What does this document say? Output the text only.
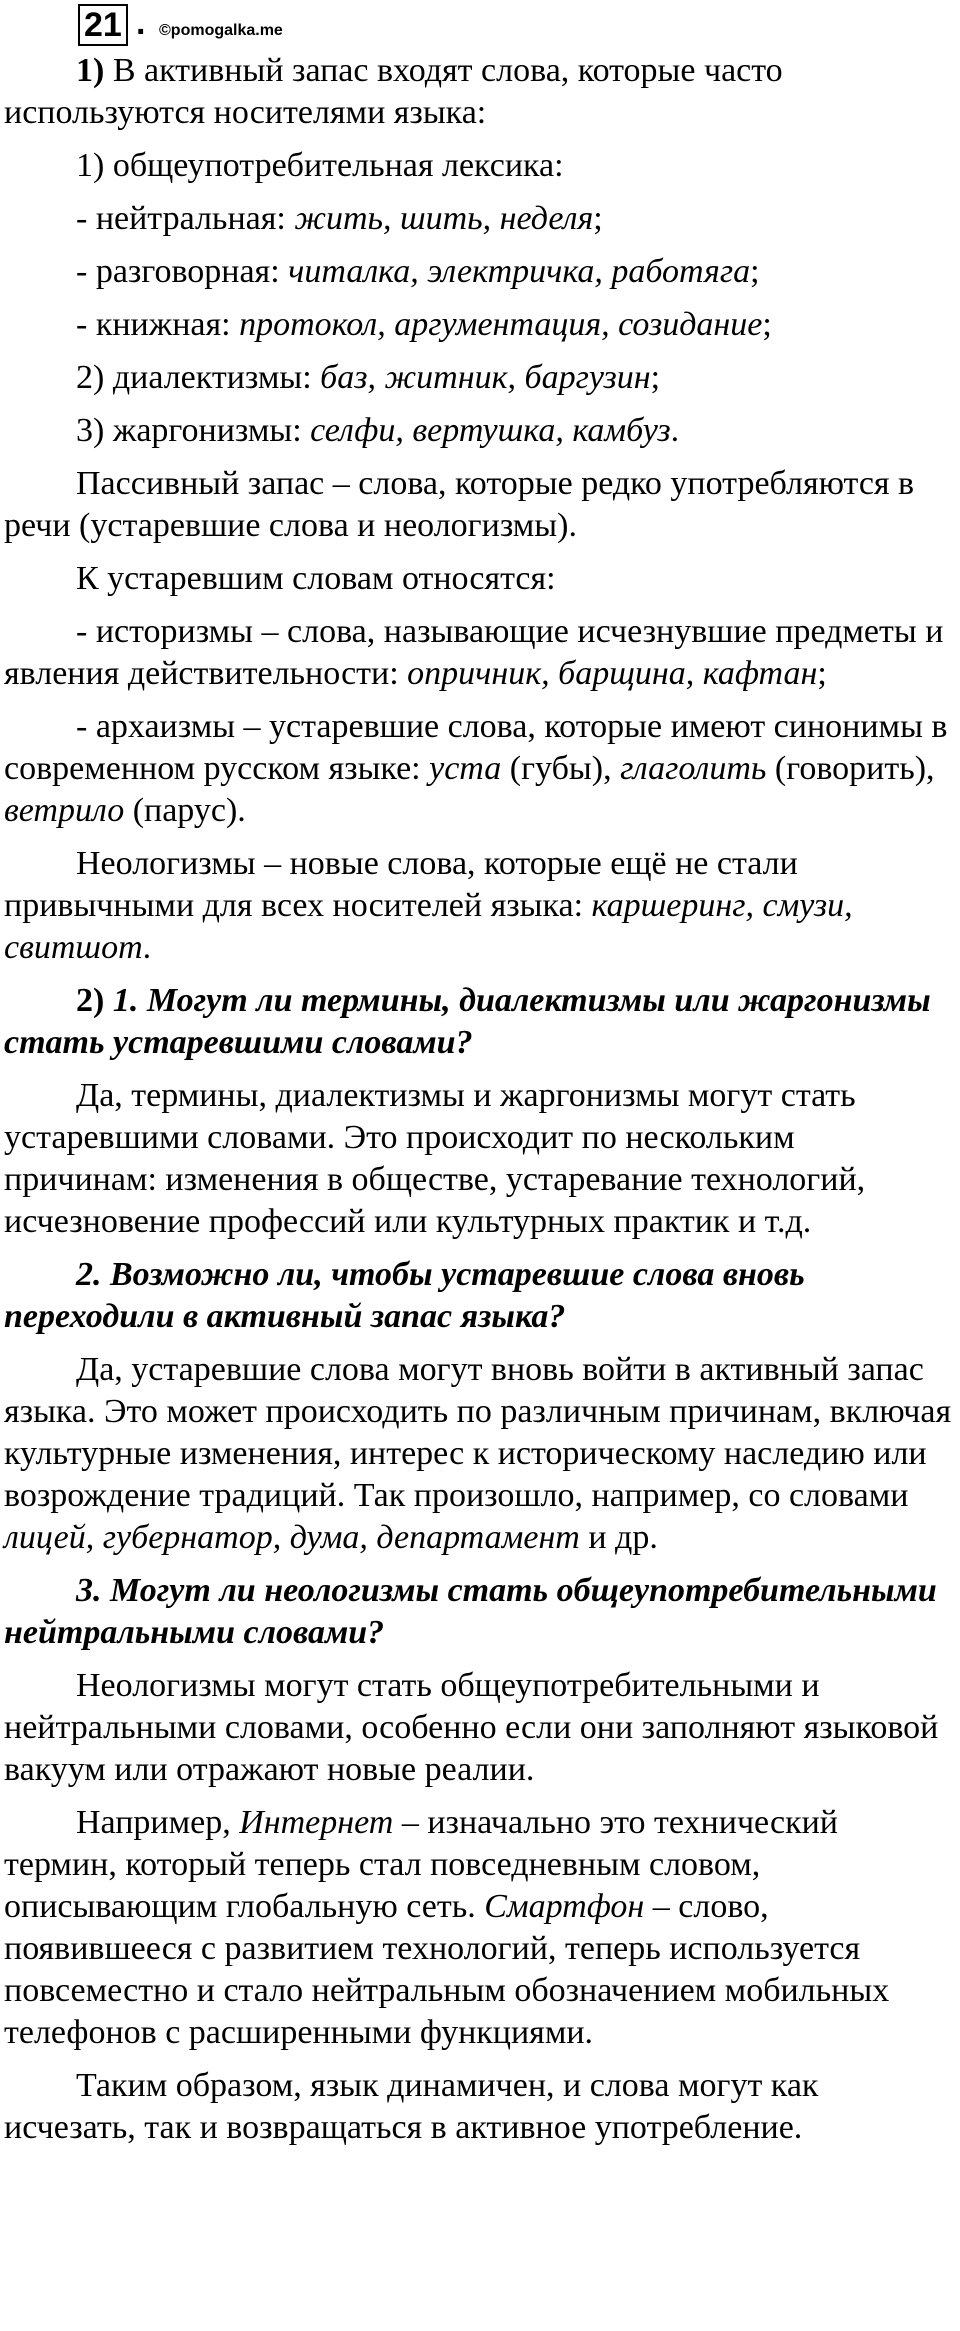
21 . ©pomogalka.me

1) В активный запас входят слова, которые часто используются носителями языка:

1) общеупотребительная лексика:

- нейтральная: жить, шить, неделя;

- разговорная: читалка, электричка, работяга;

- книжная: протокол, аргументация, созидание;

2) диалектизмы: баз, житник, баргузин;

3) жаргонизмы: селфи, вертушка, камбуз.

Пассивный запас – слова, которые редко употребляются в речи (устаревшие слова и неологизмы).

К устаревшим словам относятся:

- историзмы – слова, называющие исчезнувшие предметы и явления действительности: опричник, барщина, кафтан;

- архаизмы – устаревшие слова, которые имеют синонимы в современном русском языке: уста (губы), глаголить (говорить), ветрило (парус).

Неологизмы – новые слова, которые ещё не стали привычными для всех носителей языка: каршеринг, смузи, свитшот.

2) 1. Могут ли термины, диалектизмы или жаргонизмы стать устаревшими словами?

Да, термины, диалектизмы и жаргонизмы могут стать устаревшими словами. Это происходит по нескольким причинам: изменения в обществе, устаревание технологий, исчезновение профессий или культурных практик и т.д.

2. Возможно ли, чтобы устаревшие слова вновь переходили в активный запас языка?

Да, устаревшие слова могут вновь войти в активный запас языка. Это может происходить по различным причинам, включая культурные изменения, интерес к историческому наследию или возрождение традиций. Так произошло, например, со словами лицей, губернатор, дума, департамент и др.

3. Могут ли неологизмы стать общеупотребительными нейтральными словами?

Неологизмы могут стать общеупотребительными и нейтральными словами, особенно если они заполняют языковой вакуум или отражают новые реалии.

Например, Интернет – изначально это технический термин, который теперь стал повседневным словом, описывающим глобальную сеть. Смартфон – слово, появившееся с развитием технологий, теперь используется повсеместно и стало нейтральным обозначением мобильных телефонов с расширенными функциями.

Таким образом, язык динамичен, и слова могут как исчезать, так и возвращаться в активное употребление.
